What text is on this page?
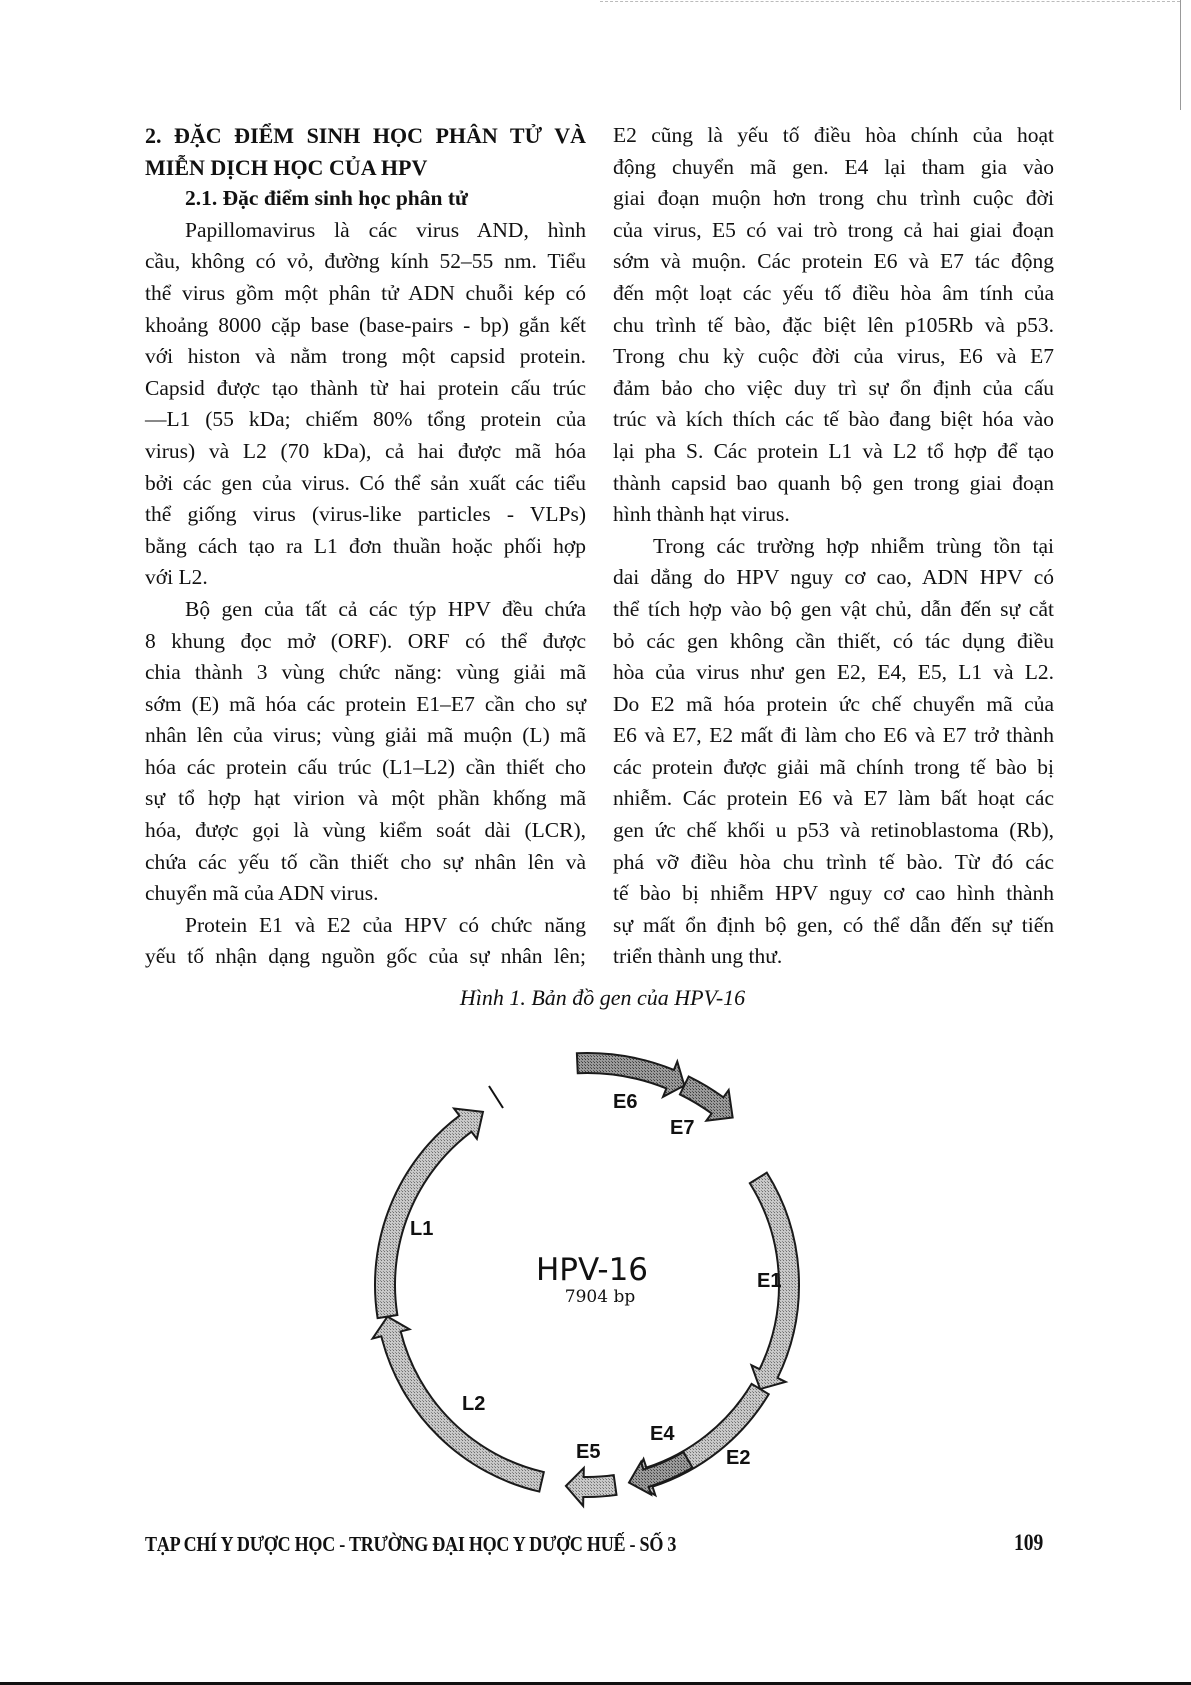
2. ĐẶC ĐIỂM SINH HỌC PHÂN TỬ VÀ
MIỄN DỊCH HỌC CỦA HPV
2.1. Đặc điểm sinh học phân tử
Papillomavirus là các virus AND, hình
cầu, không có vỏ, đường kính 52–55 nm. Tiểu
thể virus gồm một phân tử ADN chuỗi kép có
khoảng 8000 cặp base (base-pairs - bp) gắn kết
với histon và nằm trong một capsid protein.
Capsid được tạo thành từ hai protein cấu trúc
—L1 (55 kDa; chiếm 80% tổng protein của
virus) và L2 (70 kDa), cả hai được mã hóa
bởi các gen của virus. Có thể sản xuất các tiểu
thể giống virus (virus-like particles - VLPs)
bằng cách tạo ra L1 đơn thuần hoặc phối hợp
với L2.
Bộ gen của tất cả các týp HPV đều chứa
8 khung đọc mở (ORF). ORF có thể được
chia thành 3 vùng chức năng: vùng giải mã
sớm (E) mã hóa các protein E1–E7 cần cho sự
nhân lên của virus; vùng giải mã muộn (L) mã
hóa các protein cấu trúc (L1–L2) cần thiết cho
sự tổ hợp hạt virion và một phần khống mã
hóa, được gọi là vùng kiểm soát dài (LCR),
chứa các yếu tố cần thiết cho sự nhân lên và
chuyển mã của ADN virus.
Protein E1 và E2 của HPV có chức năng
yếu tố nhận dạng nguồn gốc của sự nhân lên;
E2 cũng là yếu tố điều hòa chính của hoạt
động chuyển mã gen. E4 lại tham gia vào
giai đoạn muộn hơn trong chu trình cuộc đời
của virus, E5 có vai trò trong cả hai giai đoạn
sớm và muộn. Các protein E6 và E7 tác động
đến một loạt các yếu tố điều hòa âm tính của
chu trình tế bào, đặc biệt lên p105Rb và p53.
Trong chu kỳ cuộc đời của virus, E6 và E7
đảm bảo cho việc duy trì sự ổn định của cấu
trúc và kích thích các tế bào đang biệt hóa vào
lại pha S. Các protein L1 và L2 tổ hợp để tạo
thành capsid bao quanh bộ gen trong giai đoạn
hình thành hạt virus.
Trong các trường hợp nhiễm trùng tồn tại
dai dẳng do HPV nguy cơ cao, ADN HPV có
thể tích hợp vào bộ gen vật chủ, dẫn đến sự cắt
bỏ các gen không cần thiết, có tác dụng điều
hòa của virus như gen E2, E4, E5, L1 và L2.
Do E2 mã hóa protein ức chế chuyển mã của
E6 và E7, E2 mất đi làm cho E6 và E7 trở thành
các protein được giải mã chính trong tế bào bị
nhiễm. Các protein E6 và E7 làm bất hoạt các
gen ức chế khối u p53 và retinoblastoma (Rb),
phá vỡ điều hòa chu trình tế bào. Từ đó các
tế bào bị nhiễm HPV nguy cơ cao hình thành
sự mất ổn định bộ gen, có thể dẫn đến sự tiến
triển thành ung thư.
Hình 1. Bản đồ gen của HPV-16
HPV-16
7904 bp
E6
E7
L1
E1
L2
E4
E2
E5
TẠP CHÍ Y DƯỢC HỌC - TRƯỜNG ĐẠI HỌC Y DƯỢC HUẾ - SỐ 3	109
